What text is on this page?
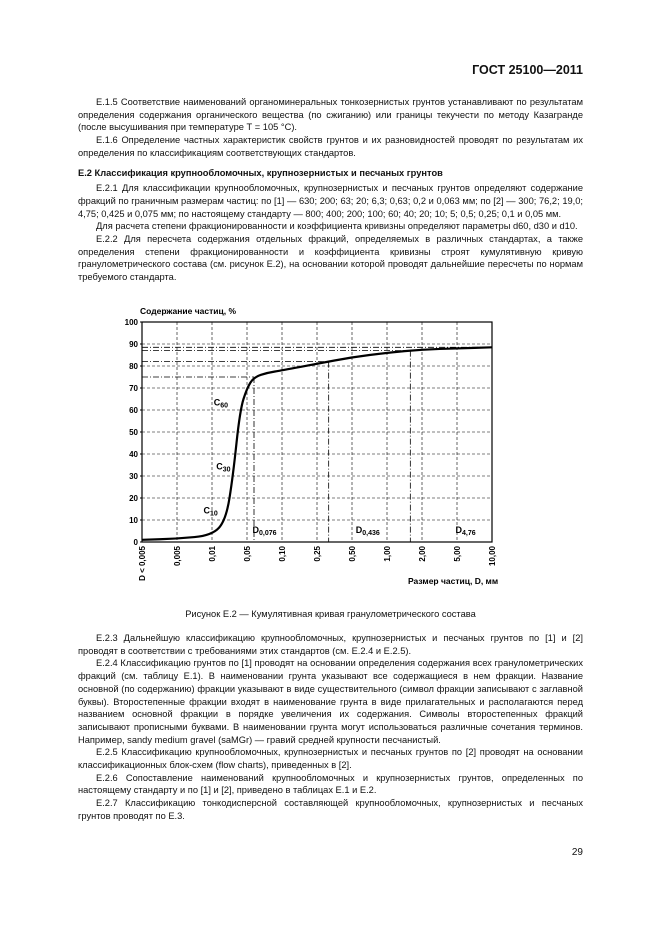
ГОСТ 25100—2011

Е.1.5 Соответствие наименований органоминеральных тонкозернистых грунтов устанавливают по результатам определения содержания органического вещества (по сжиганию) или границы текучести по методу Казагранде (после высушивания при температуре Т = 105 °С).

Е.1.6 Определение частных характеристик свойств грунтов и их разновидностей проводят по результатам их определения по классификациям соответствующих стандартов.

Е.2 Классификация крупнообломочных, крупнозернистых и песчаных грунтов

Е.2.1 Для классификации крупнообломочных, крупнозернистых и песчаных грунтов определяют содержание фракций по граничным размерам частиц: по [1] — 630; 200; 63; 20; 6,3; 0,63; 0,2 и 0,063 мм; по [2] — 300; 76,2; 19,0; 4,75; 0,425 и 0,075 мм; по настоящему стандарту — 800; 400; 200; 100; 60; 40; 20; 10; 5; 0,5; 0,25; 0,1 и 0,05 мм.

Для расчета степени фракционированности и коэффициента кривизны определяют параметры d60, d30 и d10.

Е.2.2 Для пересчета содержания отдельных фракций, определяемых в различных стандартах, а также определения степени фракционированности и коэффициента кривизны строят кумулятивную кривую гранулометрического состава (см. рисунок Е.2), на основании которой проводят дальнейшие пересчеты по нормам требуемого стандарта.

0
10
20
30
40
50
60
70
80
90
100
D < 0,005	0,005	0,01	0,05	0,10	0,25	0,50	1,00	2,00	5,00	10,00
$C_{60}$
$C_{30}$
$C_{10}$
$D_{0,076}$	$D_{0,436}$	$D_{4,76}$
Содержание частиц, %
Размер частиц, D, мм
Рисунок Е.2 — Кумулятивная кривая гранулометрического состава

Е.2.3 Дальнейшую классификацию крупнообломочных, крупнозернистых и песчаных грунтов по [1] и [2] проводят в соответствии с требованиями этих стандартов (см. Е.2.4 и Е.2.5).

Е.2.4 Классификацию грунтов по [1] проводят на основании определения содержания всех гранулометрических фракций (см. таблицу Е.1). В наименовании грунта указывают все содержащиеся в нем фракции. Название основной (по содержанию) фракции указывают в виде существительного (символ фракции записывают с заглавной буквы). Второстепенные фракции входят в наименование грунта в виде прилагательных и располагаются перед названием основной фракции в порядке увеличения их содержания. Символы второстепенных фракций записывают прописными буквами. В наименовании грунта могут использоваться различные сочетания терминов. Например, sandy medium gravel (saMGr) — гравий средней крупности песчанистый.

Е.2.5 Классификацию крупнообломочных, крупнозернистых и песчаных грунтов по [2] проводят на основании классификационных блок-схем (flow charts), приведенных в [2].

Е.2.6 Сопоставление наименований крупнообломочных и крупнозернистых грунтов, определенных по настоящему стандарту и по [1] и [2], приведено в таблицах Е.1 и Е.2.

Е.2.7 Классификацию тонкодисперсной составляющей крупнообломочных, крупнозернистых и песчаных грунтов проводят по Е.3.

29
